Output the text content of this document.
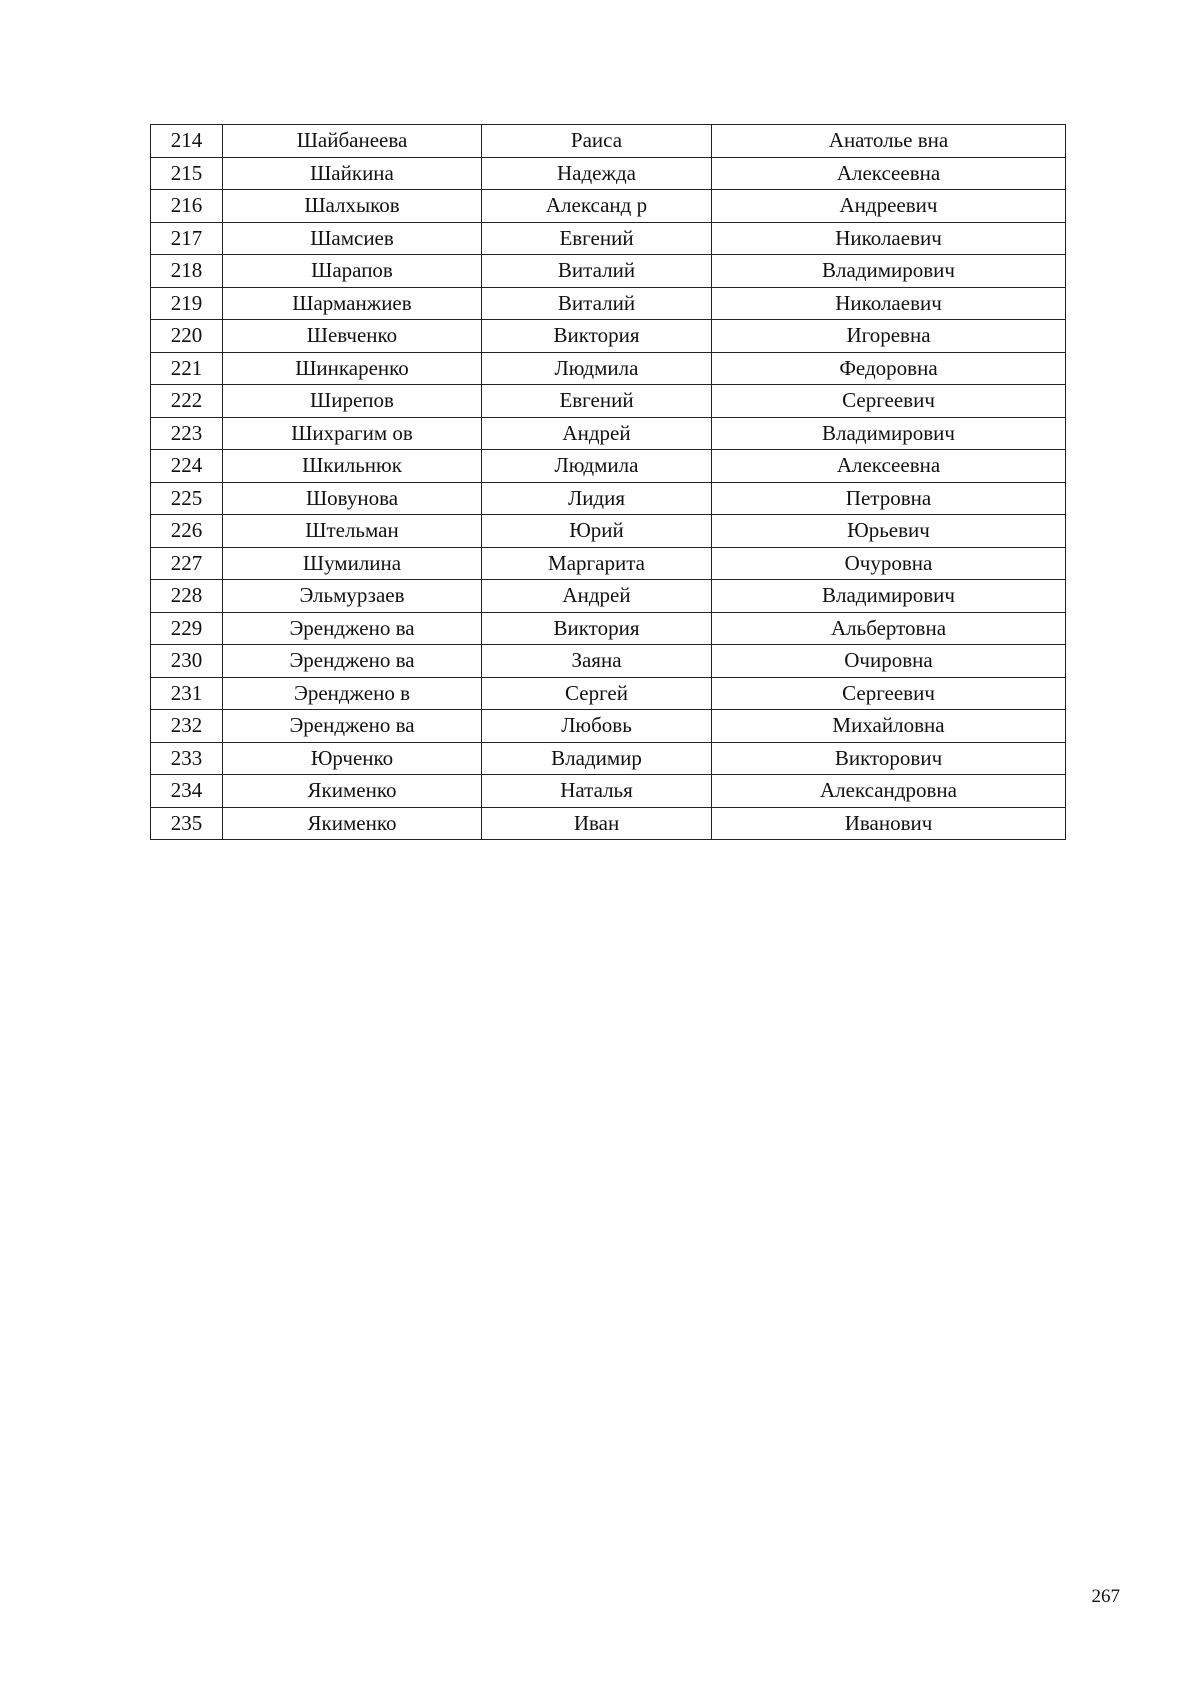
214	Шайбанеева	Раиса	Анатолье вна
215	Шайкина	Надежда	Алексеевна
216	Шалхыков	Александ р	Андреевич
217	Шамсиев	Евгений	Николаевич
218	Шарапов	Виталий	Владимирович
219	Шарманжиев	Виталий	Николаевич
220	Шевченко	Виктория	Игоревна
221	Шинкаренко	Людмила	Федоровна
222	Ширепов	Евгений	Сергеевич
223	Шихрагим ов	Андрей	Владимирович
224	Шкильнюк	Людмила	Алексеевна
225	Шовунова	Лидия	Петровна
226	Штельман	Юрий	Юрьевич
227	Шумилина	Маргарита	Очуровна
228	Эльмурзаев	Андрей	Владимирович
229	Эренджено ва	Виктория	Альбертовна
230	Эренджено ва	Заяна	Очировна
231	Эренджено в	Сергей	Сергеевич
232	Эренджено ва	Любовь	Михайловна
233	Юрченко	Владимир	Викторович
234	Якименко	Наталья	Александровна
235	Якименко	Иван	Иванович
267
